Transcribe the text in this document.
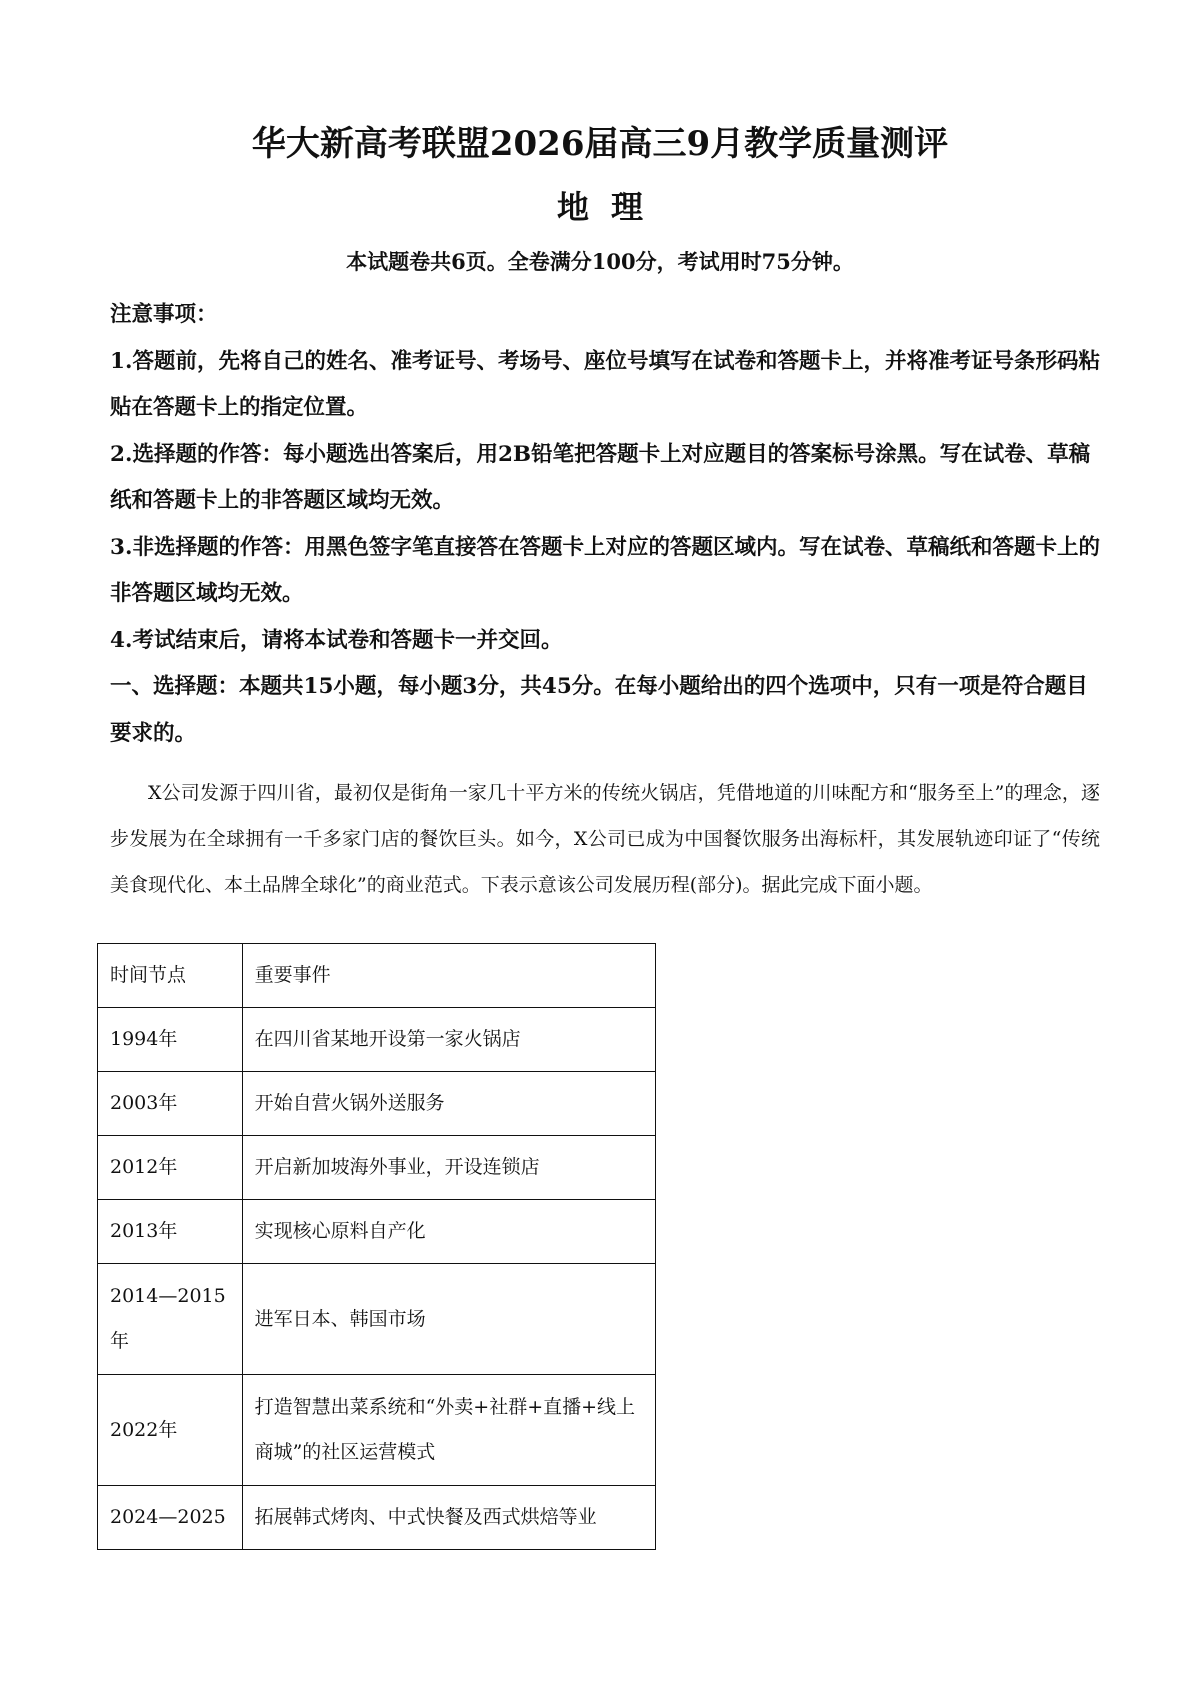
华大新高考联盟2026届高三9月教学质量测评
地理
本试题卷共6页。全卷满分100分，考试用时75分钟。

注意事项：

1.答题前，先将自己的姓名、准考证号、考场号、座位号填写在试卷和答题卡上，并将准考证号条形码粘贴在答题卡上的指定位置。

2.选择题的作答：每小题选出答案后，用2B铅笔把答题卡上对应题目的答案标号涂黑。写在试卷、草稿纸和答题卡上的非答题区域均无效。

3.非选择题的作答：用黑色签字笔直接答在答题卡上对应的答题区域内。写在试卷、草稿纸和答题卡上的非答题区域均无效。

4.考试结束后，请将本试卷和答题卡一并交回。

一、选择题：本题共15小题，每小题3分，共45分。在每小题给出的四个选项中，只有一项是符合题目要求的。

X公司发源于四川省，最初仅是街角一家几十平方米的传统火锅店，凭借地道的川味配方和“服务至上”的理念，逐步发展为在全球拥有一千多家门店的餐饮巨头。如今，X公司已成为中国餐饮服务出海标杆，其发展轨迹印证了“传统美食现代化、本土品牌全球化”的商业范式。下表示意该公司发展历程(部分)。据此完成下面小题。

时间节点	重要事件
1994年	在四川省某地开设第一家火锅店
2003年	开始自营火锅外送服务
2012年	开启新加坡海外事业，开设连锁店
2013年	实现核心原料自产化
2014—2015年	进军日本、韩国市场
2022年	打造智慧出菜系统和“外卖+社群+直播+线上商城”的社区运营模式
2024—2025	拓展韩式烤肉、中式快餐及西式烘焙等业
